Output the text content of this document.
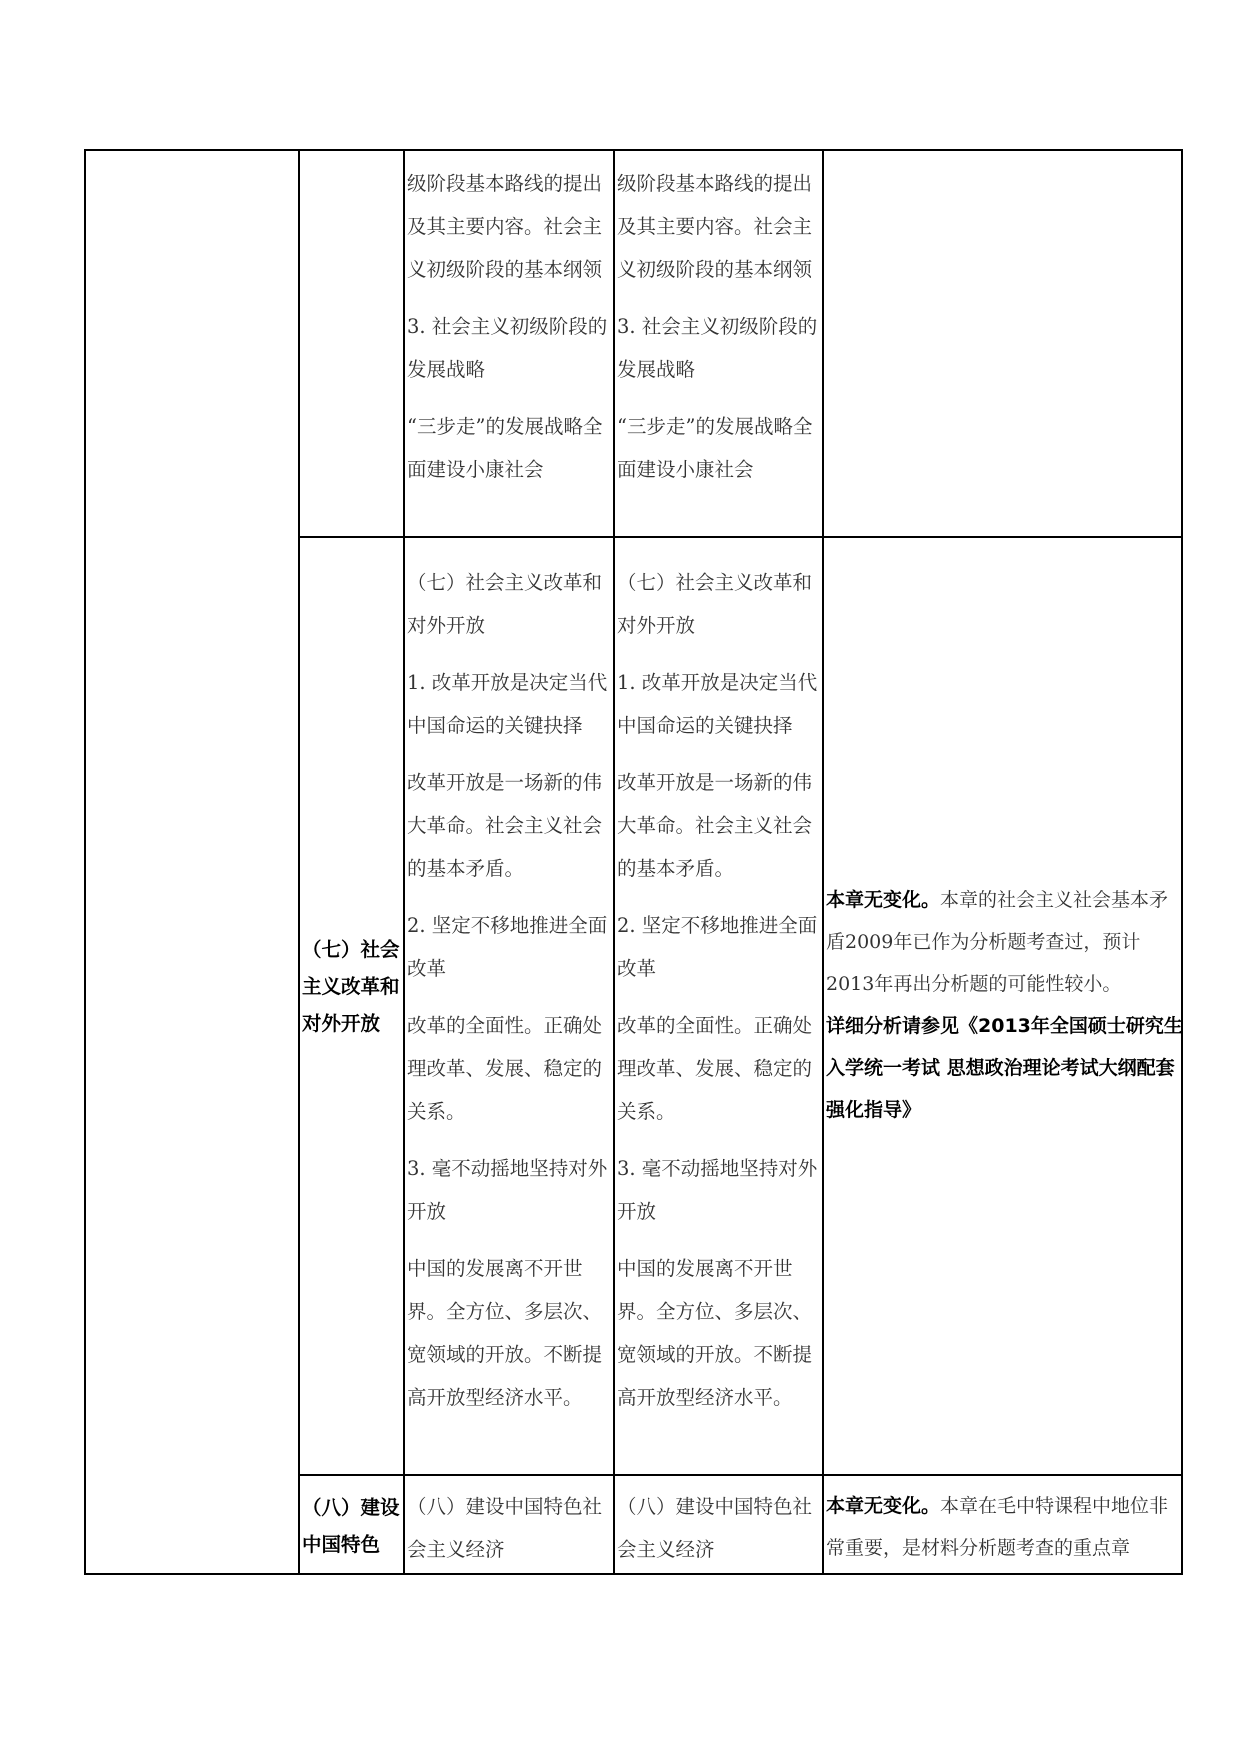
级阶段基本路线的提出及其主要内容。社会主义初级阶段的基本纲领

3. 社会主义初级阶段的发展战略

“三步走”的发展战略全面建设小康社会

级阶段基本路线的提出及其主要内容。社会主义初级阶段的基本纲领

3. 社会主义初级阶段的发展战略

“三步走”的发展战略全面建设小康社会

（七）社会主义改革和对外开放

（七）社会主义改革和对外开放

1. 改革开放是决定当代中国命运的关键抉择

改革开放是一场新的伟大革命。社会主义社会的基本矛盾。

2. 坚定不移地推进全面改革

改革的全面性。正确处理改革、发展、稳定的关系。

3. 毫不动摇地坚持对外开放

中国的发展离不开世界。全方位、多层次、宽领域的开放。不断提高开放型经济水平。

（七）社会主义改革和对外开放

1. 改革开放是决定当代中国命运的关键抉择

改革开放是一场新的伟大革命。社会主义社会的基本矛盾。

2. 坚定不移地推进全面改革

改革的全面性。正确处理改革、发展、稳定的关系。

3. 毫不动摇地坚持对外开放

中国的发展离不开世界。全方位、多层次、宽领域的开放。不断提高开放型经济水平。

本章无变化。本章的社会主义社会基本矛盾2009年已作为分析题考查过，预计2013年再出分析题的可能性较小。
详细分析请参见《2013年全国硕士研究生入学统一考试 思想政治理论考试大纲配套强化指导》
（八）建设中国特色

（八）建设中国特色社会主义经济

（八）建设中国特色社会主义经济

本章无变化。本章在毛中特课程中地位非常重要，是材料分析题考查的重点章
